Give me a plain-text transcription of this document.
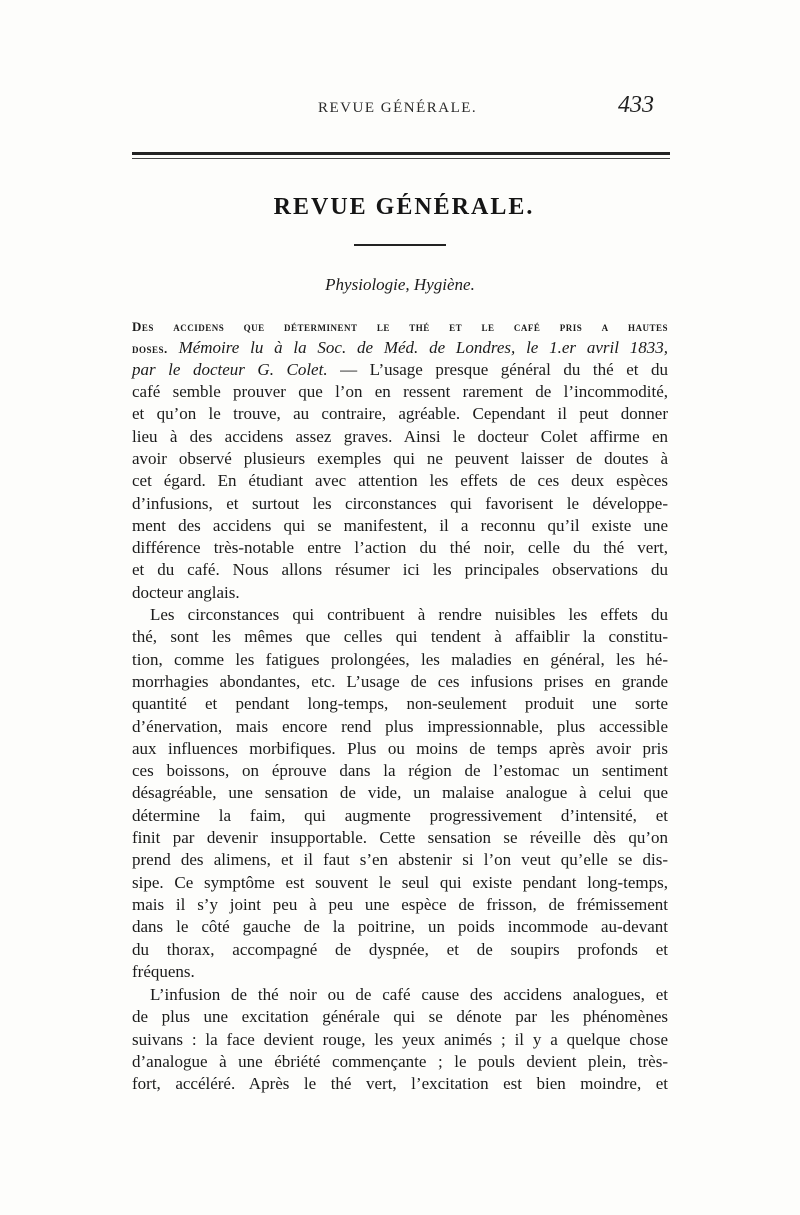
REVUE GÉNÉRALE.	433
REVUE GÉNÉRALE.
Physiologie, Hygiène.
Des accidens que déterminent le thé et le café pris a hautes
doses. Mémoire lu à la Soc. de Méd. de Londres, le 1.er avril 1833,
par le docteur G. Colet. — L’usage presque général du thé et du
café semble prouver que l’on en ressent rarement de l’incommodité,
et qu’on le trouve, au contraire, agréable. Cependant il peut donner
lieu à des accidens assez graves. Ainsi le docteur Colet affirme en
avoir observé plusieurs exemples qui ne peuvent laisser de doutes à
cet égard. En étudiant avec attention les effets de ces deux espèces
d’infusions, et surtout les circonstances qui favorisent le développe-
ment des accidens qui se manifestent, il a reconnu qu’il existe une
différence très-notable entre l’action du thé noir, celle du thé vert,
et du café. Nous allons résumer ici les principales observations du
docteur anglais.
Les circonstances qui contribuent à rendre nuisibles les effets du
thé, sont les mêmes que celles qui tendent à affaiblir la constitu-
tion, comme les fatigues prolongées, les maladies en général, les hé-
morrhagies abondantes, etc. L’usage de ces infusions prises en grande
quantité et pendant long-temps, non-seulement produit une sorte
d’énervation, mais encore rend plus impressionnable, plus accessible
aux influences morbifiques. Plus ou moins de temps après avoir pris
ces boissons, on éprouve dans la région de l’estomac un sentiment
désagréable, une sensation de vide, un malaise analogue à celui que
détermine la faim, qui augmente progressivement d’intensité, et
finit par devenir insupportable. Cette sensation se réveille dès qu’on
prend des alimens, et il faut s’en abstenir si l’on veut qu’elle se dis-
sipe. Ce symptôme est souvent le seul qui existe pendant long-temps,
mais il s’y joint peu à peu une espèce de frisson, de frémissement
dans le côté gauche de la poitrine, un poids incommode au-devant
du thorax, accompagné de dyspnée, et de soupirs profonds et
fréquens.
L’infusion de thé noir ou de café cause des accidens analogues, et
de plus une excitation générale qui se dénote par les phénomènes
suivans : la face devient rouge, les yeux animés ; il y a quelque chose
d’analogue à une ébriété commençante ; le pouls devient plein, très-
fort, accéléré. Après le thé vert, l’excitation est bien moindre, et
